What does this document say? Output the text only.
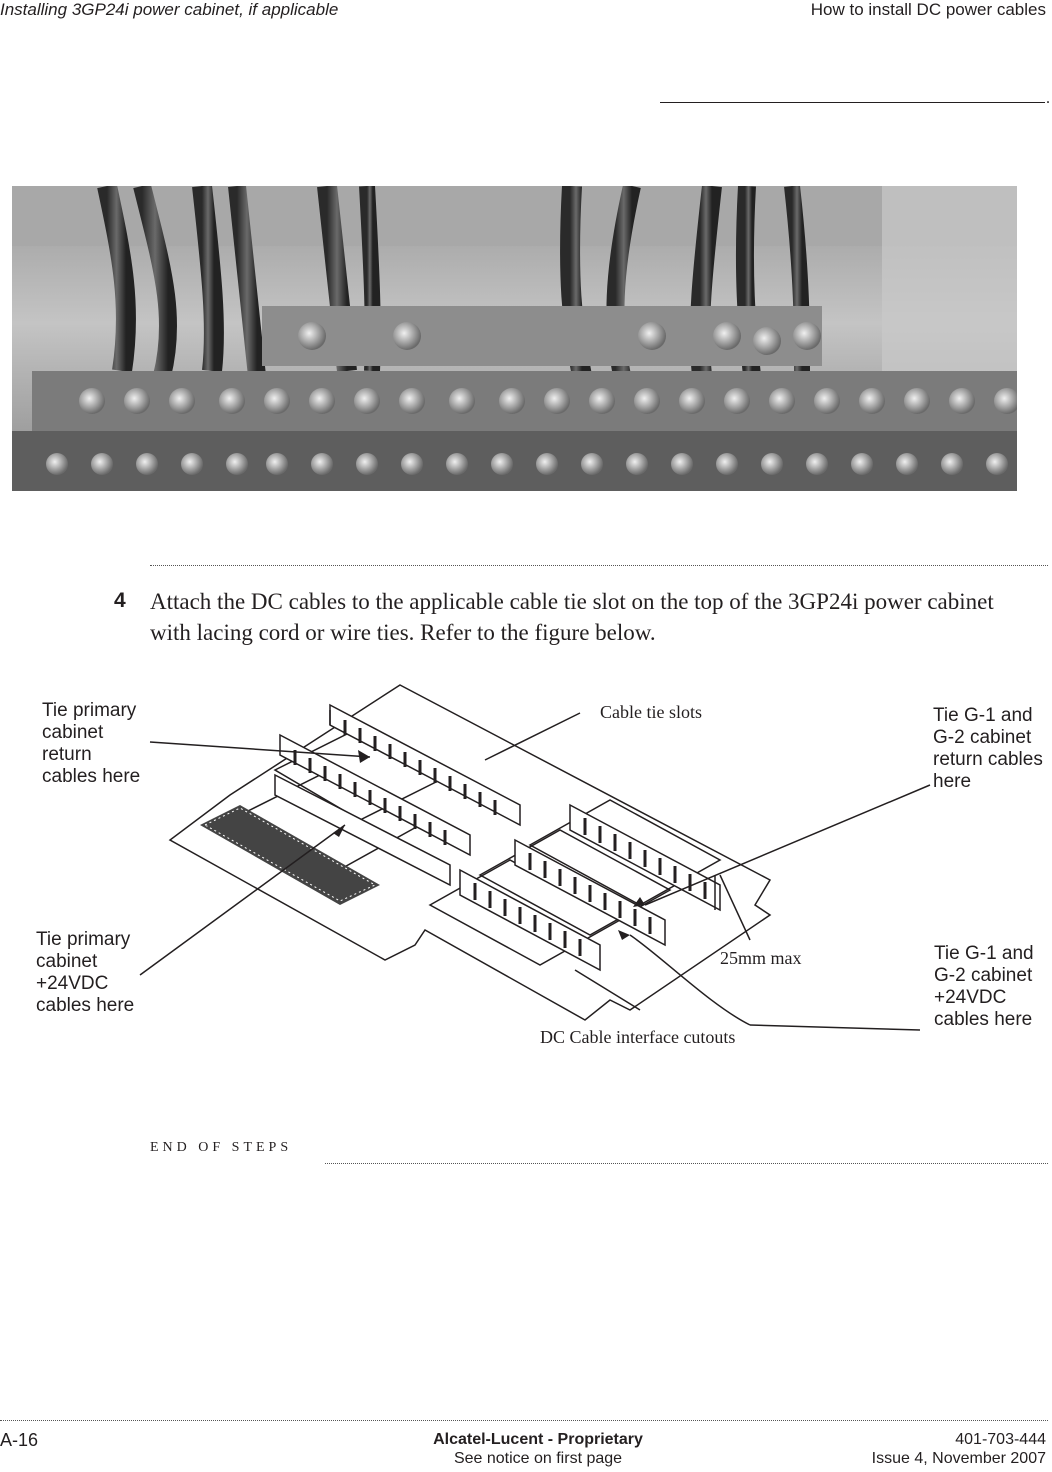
Installing 3GP24i power cabinet, if applicable	How to install DC power cables
.
4 Attach the DC cables to the applicable cable tie slot on the top of the 3GP24i power cabinet with lacing cord or wire ties. Refer to the figure below.
Tie primary
cabinet
return
cables here
Cable tie slots	Tie G-1 and
G-2 cabinet
return cables
here
Tie primary
cabinet
+24VDC
cables here
25mm max	Tie G-1 and
G-2 cabinet
+24VDC
cables here
DC Cable interface cutouts
END OF STEPS
A-16	Alcatel-Lucent - Proprietary
See notice on first page
401-703-444
Issue 4, November 2007
